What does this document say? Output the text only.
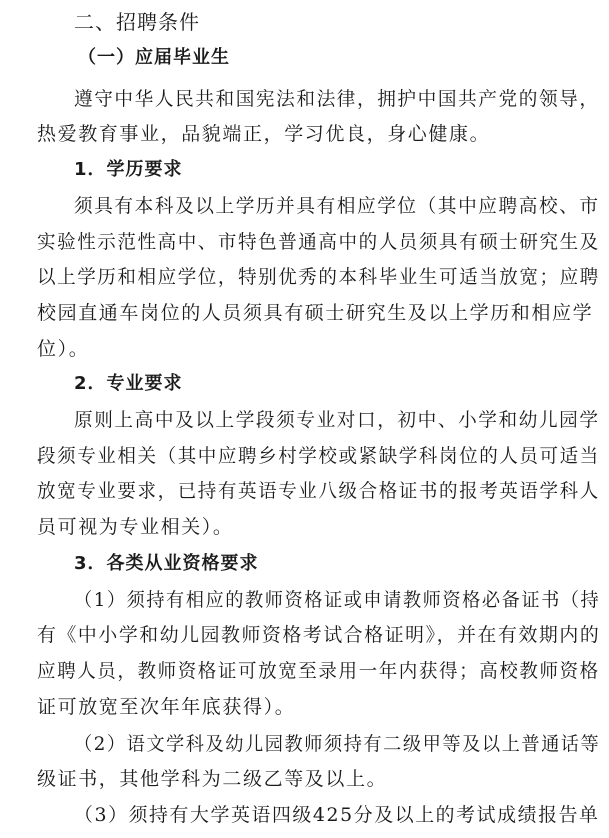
二、招聘条件
（一）应届毕业生
遵守中华人民共和国宪法和法律，拥护中国共产党的领导，
热爱教育事业，品貌端正，学习优良，身心健康。
1．学历要求
须具有本科及以上学历并具有相应学位（其中应聘高校、市
实验性示范性高中、市特色普通高中的人员须具有硕士研究生及
以上学历和相应学位，特别优秀的本科毕业生可适当放宽；应聘
校园直通车岗位的人员须具有硕士研究生及以上学历和相应学
位）。
2．专业要求
原则上高中及以上学段须专业对口，初中、小学和幼儿园学
段须专业相关（其中应聘乡村学校或紧缺学科岗位的人员可适当
放宽专业要求，已持有英语专业八级合格证书的报考英语学科人
员可视为专业相关）。
3．各类从业资格要求
（1）须持有相应的教师资格证或申请教师资格必备证书（持
有《中小学和幼儿园教师资格考试合格证明》，并在有效期内的
应聘人员，教师资格证可放宽至录用一年内获得；高校教师资格
证可放宽至次年年底获得）。
（2）语文学科及幼儿园教师须持有二级甲等及以上普通话等
级证书，其他学科为二级乙等及以上。
（3）须持有大学英语四级425分及以上的考试成绩报告单
